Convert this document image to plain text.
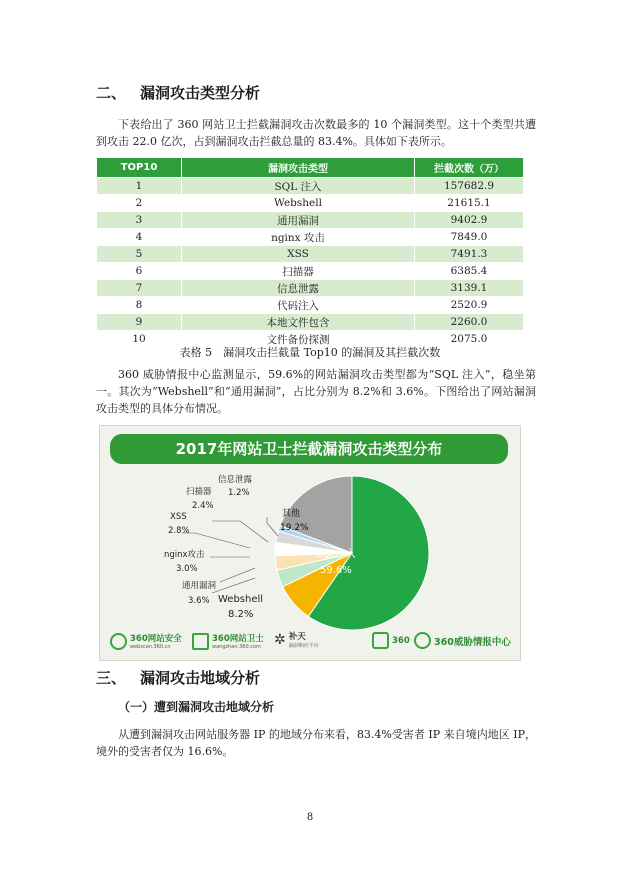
二、 漏洞攻击类型分析
下表给出了 360 网站卫士拦截漏洞攻击次数最多的 10 个漏洞类型。这十个类型共遭到攻击 22.0 亿次，占到漏洞攻击拦截总量的 83.4%。具体如下表所示。
TOP10	漏洞攻击类型	拦截次数（万）
1	SQL 注入	157682.9
2	Webshell	21615.1
3	通用漏洞	9402.9
4	nginx 攻击	7849.0
5	XSS	7491.3
6	扫描器	6385.4
7	信息泄露	3139.1
8	代码注入	2520.9
9	本地文件包含	2260.0
10	文件备份探测	2075.0
表格 5　漏洞攻击拦截量 Top10 的漏洞及其拦截次数
360 威胁情报中心监测显示，59.6%的网站漏洞攻击类型都为“SQL 注入”，稳坐第一。其次为“Webshell”和“通用漏洞”，占比分别为 8.2%和 3.6%。下图给出了网站漏洞攻击类型的具体分布情况。
2017年网站卫士拦截漏洞攻击类型分布
信息泄露
1.2%
扫描器
2.4%
XSS
2.8%
nginx攻击
3.0%
通用漏洞
3.6% Webshell
8.2%
其他
19.2%
SQL注入
59.6%
360网站安全
webscan.360.cn
360网站卫士
wangzhan.360.com ✲ 补天
漏洞响应平台
360	360威胁情报中心
三、 漏洞攻击地域分析
（一）遭到漏洞攻击地域分析
从遭到漏洞攻击网站服务器 IP 的地域分布来看，83.4%受害者 IP 来自境内地区 IP，境外的受害者仅为 16.6%。
8
